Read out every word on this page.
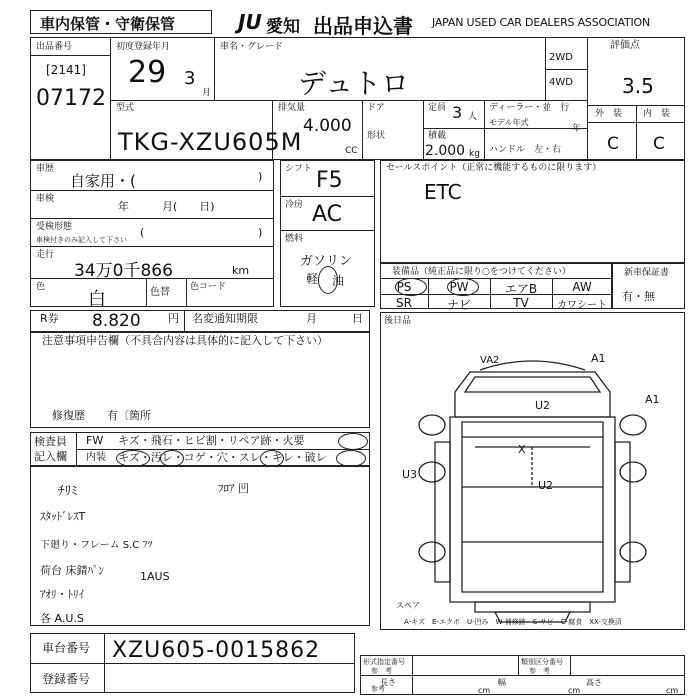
車内保管・守衛保管	JU 愛知 出品申込書 JAPAN USED CAR DEALERS ASSOCIATION
出品番号
[2141]
07172
初度登録年月
29 3
月
車名・グレード
デュトロ
2WD
4WD
評価点
3.5
型式
TKG-XZU605M
排気量
4.000
CC
ドア
形状
定員 3 人
積載
2.000 kg
ディーラー・並　行
モデル年式
年
ハンドル　左・右
外　装 内　装
C C
車歴
自家用・(	)
車検
年　　　月(　　日)
受検形態
車検付きのみ記入して下さい
(	)
走行
34万0千866	km
色
白	色替 色コード
シフト F5
冷房 AC
燃料
ガソリン
軽 油
セールスポイント（正常に機能するものに限ります）
ETC
装備品（純正品に限り○をつけてください）
PS	PW	エアB	AW
SR	ナビ	TV	カワシート
新車保証書
有・無
R券 8.820 円 名変通知期限	月	日
注意事項申告欄（不具合内容は具体的に記入して下さい）
修復歴　　有〔箇所
後日品
VA2	A1
U2	A1
X
U2
U3
スペア
A-キズ　E-エクボ　U-凹み　W-補修跡　S-サビ　C-腐食　XX-交換済
検査員
記入欄
FW キズ・飛石・ヒビ割・リペア跡・火要
内装 キズ・汚レ・コゲ・穴・スレ・キレ・破レ
ﾁﾘﾐ	ﾌﾛｱ 凹
ｽﾀｯﾄﾞﾚｽT
下廻り・フレーム S.C ﾌﾂ
荷台 床錆ﾊﾟﾝ	1AUS
ｱｵﾘ・ﾄﾘｲ
各 A.U.S
車台番号 XZU605-0015862
登録番号
形式指定番号
参　考
類別区分番号
参　考
参考
長さ
cm
幅
cm
高さ
cm
